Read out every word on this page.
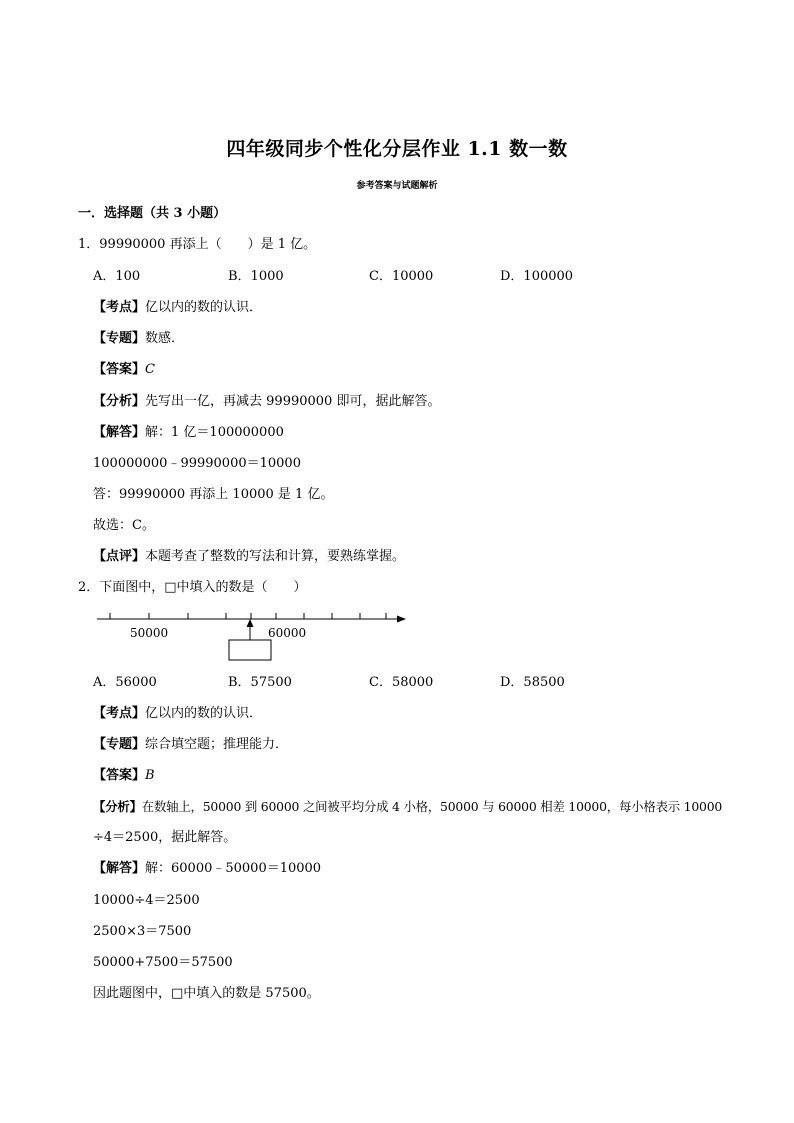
四年级同步个性化分层作业 1.1 数一数
参考答案与试题解析
一．选择题（共 3 小题）
1．99990000 再添上（　　）是 1 亿。
A．100	B．1000	C．10000	D．100000
【考点】亿以内的数的认识．
【专题】数感．
【答案】C
【分析】先写出一亿，再减去 99990000 即可，据此解答。
【解答】解：1 亿＝100000000
100000000﹣99990000＝10000
答：99990000 再添上 10000 是 1 亿。
故选：C。
【点评】本题考查了整数的写法和计算，要熟练掌握。
2．下面图中，□中填入的数是（　　）
50000	60000
A．56000	B．57500	C．58000	D．58500
【考点】亿以内的数的认识．
【专题】综合填空题；推理能力．
【答案】B
【分析】在数轴上，50000 到 60000 之间被平均分成 4 小格，50000 与 60000 相差 10000，每小格表示 10000
÷4＝2500，据此解答。
【解答】解：60000﹣50000＝10000
10000÷4＝2500
2500×3＝7500
50000+7500＝57500
因此题图中，□中填入的数是 57500。
